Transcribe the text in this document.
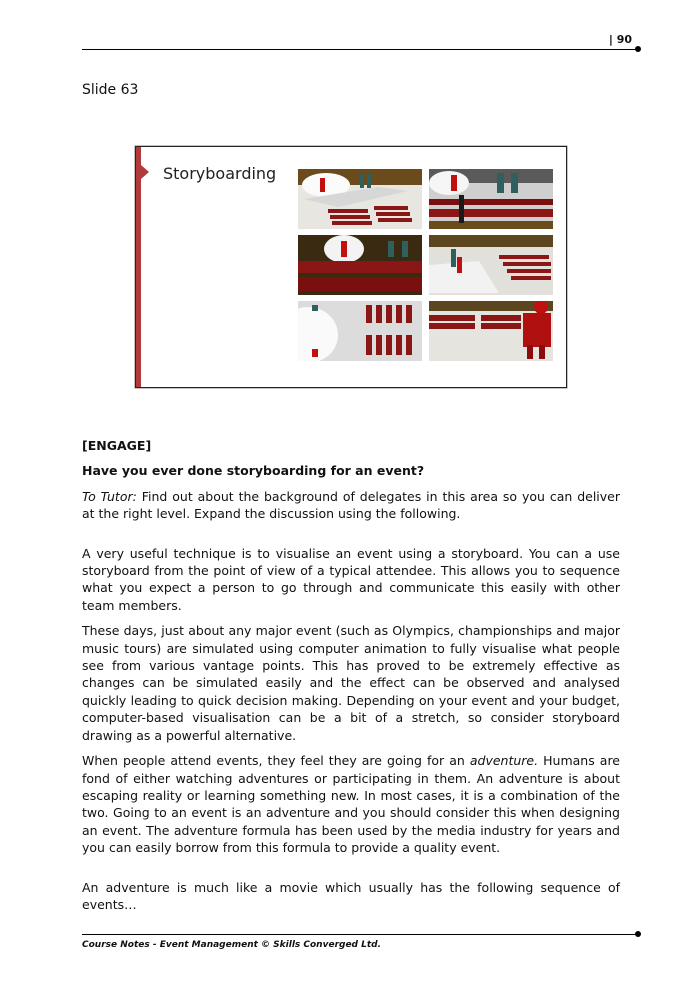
| 90
Slide 63
Storyboarding

[ENGAGE]

Have you ever done storyboarding for an event?

To Tutor: Find out about the background of delegates in this area so you can deliver at the right level. Expand the discussion using the following.

A very useful technique is to visualise an event using a storyboard. You can a use storyboard from the point of view of a typical attendee. This allows you to sequence what you expect a person to go through and communicate this easily with other team members.

These days, just about any major event (such as Olympics, championships and major music tours) are simulated using computer animation to fully visualise what people see from various vantage points. This has proved to be extremely effective as changes can be simulated easily and the effect can be observed and analysed quickly leading to quick decision making. Depending on your event and your budget, computer-based visualisation can be a bit of a stretch, so consider storyboard drawing as a powerful alternative.

When people attend events, they feel they are going for an adventure. Humans are fond of either watching adventures or participating in them. An adventure is about escaping reality or learning something new. In most cases, it is a combination of the two. Going to an event is an adventure and you should consider this when designing an event. The adventure formula has been used by the media industry for years and you can easily borrow from this formula to provide a quality event.

An adventure is much like a movie which usually has the following sequence of events…

Course Notes - Event Management © Skills Converged Ltd.
